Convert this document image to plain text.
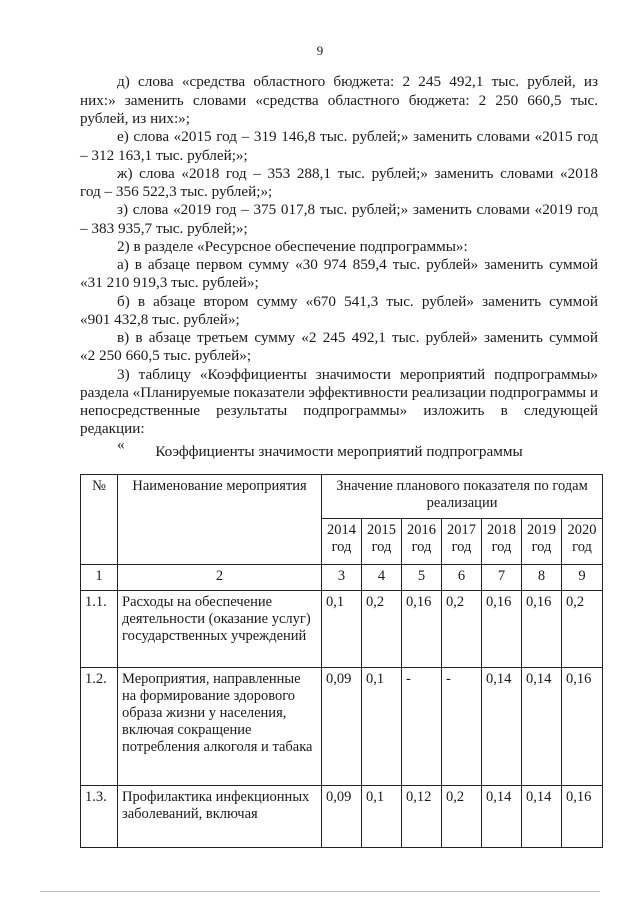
9
д) слова «средства областного бюджета: 2 245 492,1 тыс. рублей, из
них:» заменить словами «средства областного бюджета: 2 250 660,5 тыс.
рублей, из них:»;
е) слова «2015 год – 319 146,8 тыс. рублей;» заменить словами «2015 год
– 312 163,1 тыс. рублей;»;
ж) слова «2018 год – 353 288,1 тыс. рублей;» заменить словами «2018
год – 356 522,3 тыс. рублей;»;
з) слова «2019 год – 375 017,8 тыс. рублей;» заменить словами «2019 год
– 383 935,7 тыс. рублей;»;
2) в разделе «Ресурсное обеспечение подпрограммы»:
а) в абзаце первом сумму «30 974 859,4 тыс. рублей» заменить суммой
«31 210 919,3 тыс. рублей»;
б) в абзаце втором сумму «670 541,3 тыс. рублей» заменить суммой
«901 432,8 тыс. рублей»;
в) в абзаце третьем сумму «2 245 492,1 тыс. рублей» заменить суммой
«2 250 660,5 тыс. рублей»;
3) таблицу «Коэффициенты значимости мероприятий подпрограммы»
раздела «Планируемые показатели эффективности реализации подпрограммы и
непосредственные результаты подпрограммы» изложить в следующей
редакции:
«	Коэффициенты значимости мероприятий подпрограммы
№	Наименование мероприятия	Значение планового показателя по годам реализации						
		2014 год	2015 год	2016 год	2017 год	2018 год	2019 год	2020 год
1	2	3	4	5	6	7	8	9
1.1.	Расходы на обеспечение деятельности (оказание услуг) государственных учреждений	0,1	0,2	0,16	0,2	0,16	0,16	0,2
1.2.	Мероприятия, направленные на формирование здорового образа жизни у населения, включая сокращение потребления алкоголя и табака	0,09	0,1	-	-	0,14	0,14	0,16
1.3.	Профилактика инфекционных заболеваний, включая	0,09	0,1	0,12	0,2	0,14	0,14	0,16
